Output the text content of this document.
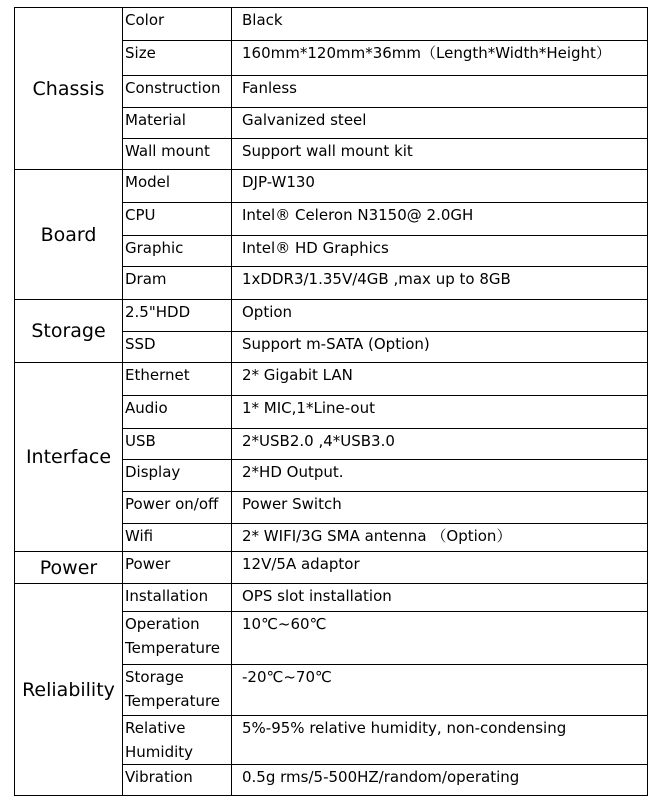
Chassis	Color	Black
	Size	160mm*120mm*36mm（Length*Width*Height）
	Construction	Fanless
	Material	Galvanized steel
	Wall mount	Support wall mount kit
Board	Model	DJP-W130
	CPU	Intel® Celeron N3150@ 2.0GH
	Graphic	Intel® HD Graphics
	Dram	1xDDR3/1.35V/4GB ,max up to 8GB
Storage	2.5"HDD	Option
	SSD	Support m-SATA (Option)
Interface	Ethernet	2* Gigabit LAN
	Audio	1* MIC,1*Line-out
	USB	2*USB2.0 ,4*USB3.0
	Display	2*HD Output.
	Power on/off	Power Switch
	Wifi	2* WIFI/3G SMA antenna （Option）
Power	Power	12V/5A adaptor
Reliability	Installation	OPS slot installation
	Operation Temperature	10℃~60℃
	Storage Temperature	-20℃~70℃
	Relative Humidity	5%-95% relative humidity, non-condensing
	Vibration	0.5g rms/5-500HZ/random/operating
